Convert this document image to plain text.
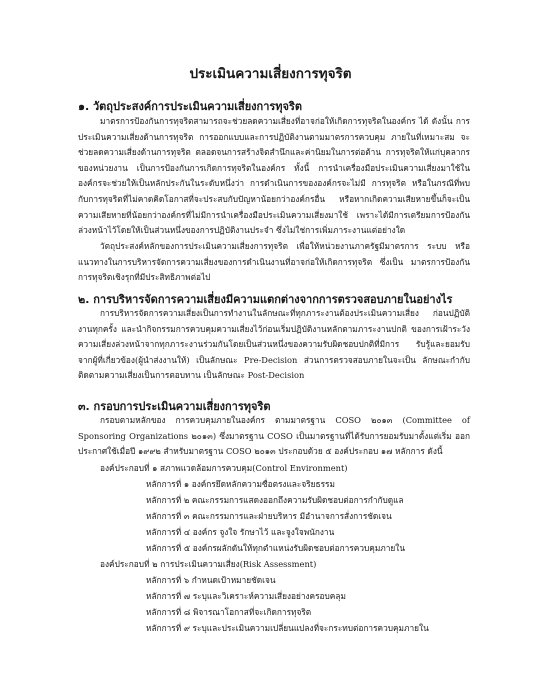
ประเมินความเสี่ยงการทุจริต
๑. วัตถุประสงค์การประเมินความเสี่ยงการทุจริต

มาตรการป้องกันการทุจริตสามารถจะช่วยลดความเสี่ยงที่อาจก่อให้เกิดการทุจริตในองค์กร ได้ ดังนั้น การประเมินความเสี่ยงด้านการทุจริต การออกแบบและการปฏิบัติงานตามมาตรการควบคุม ภายในที่เหมาะสม จะช่วยลดความเสี่ยงด้านการทุจริต ตลอดจนการสร้างจิตสำนึกและค่านิยมในการต่อต้าน การทุจริตให้แก่บุคลากร ของหน่วยงาน เป็นการป้องกันการเกิดการทุจริตในองค์กร ทั้งนี้ การนำเครื่องมือประเมินความเสี่ยงมาใช้ในองค์กรจะช่วยให้เป็นหลักประกันในระดับหนึ่งว่า การดำเนินการขององค์กรจะไม่มี การทุจริต หรือในกรณีที่พบกับการทุจริตที่ไม่คาดคิดโอกาสที่จะประสบกับปัญหาน้อยกว่าองค์กรอื่น หรือหากเกิดความเสียหายขึ้นก็จะเป็นความเสียหายที่น้อยกว่าองค์กรที่ไม่มีการนำเครื่องมือประเมินความเสี่ยงมาใช้ เพราะได้มีการเตรียมการป้องกันล่วงหน้าไว้โดยให้เป็นส่วนหนึ่งของการปฏิบัติงานประจำ ซึ่งไม่ใช่การเพิ่มภาระงานแต่อย่างใด

วัตถุประสงค์หลักของการประเมินความเสี่ยงการทุจริต เพื่อให้หน่วยงานภาครัฐมีมาตรการ ระบบ หรือแนวทางในการบริหารจัดการความเสี่ยงของการดำเนินงานที่อาจก่อให้เกิดการทุจริต ซึ่งเป็น มาตรการป้องกันการทุจริตเชิงรุกที่มีประสิทธิภาพต่อไป

๒. การบริหารจัดการความเสี่ยงมีความแตกต่างจากการตรวจสอบภายในอย่างไร

การบริหารจัดการความเสี่ยงเป็นการทำงานในลักษณะที่ทุกภาระงานต้องประเมินความเสี่ยง ก่อนปฏิบัติงานทุกครั้ง และนำกิจกรรมการควบคุมความเสี่ยงไว้ก่อนเริ่มปฏิบัติงานหลักตามภาระงานปกติ ของการเฝ้าระวังความเสี่ยงล่วงหน้าจากทุกภาระงานร่วมกันโดยเป็นส่วนหนึ่งของความรับผิดชอบปกติที่มีการ รับรู้และยอมรับจากผู้ที่เกี่ยวข้อง(ผู้นำส่งงานให้) เป็นลักษณะ Pre-Decision ส่วนการตรวจสอบภายในจะเป็น ลักษณะกำกับติดตามความเสี่ยงเป็นการตอบทาน เป็นลักษณะ Post-Decision

๓. กรอบการประเมินความเสี่ยงการทุจริต

กรอบตามหลักของ การควบคุมภายในองค์กร ตามมาตรฐาน COSO ๒๐๑๓ (Committee of Sponsoring Organizations ๒๐๑๓) ซึ่งมาตรฐาน COSO เป็นมาตรฐานที่ได้รับการยอมรับมาตั้งแต่เริ่ม ออกประกาศใช้เมื่อปี ๑๙๙๒ สำหรับมาตรฐาน COSO ๒๐๑๓ ประกอบด้วย ๕ องค์ประกอบ ๑๗ หลักการ ดังนี้

องค์ประกอบที่ ๑ สภาพแวดล้อมการควบคุม(Control Environment)
หลักการที่ ๑ องค์กรยึดหลักความซื่อตรงและจริยธรรม
หลักการที่ ๒ คณะกรรมการแสดงออกถึงความรับผิดชอบต่อการกำกับดูแล
หลักการที่ ๓ คณะกรรมการและฝ่ายบริหาร มีอำนาจการสั่งการชัดเจน
หลักการที่ ๔ องค์กร จูงใจ รักษาไว้ และจูงใจพนักงาน
หลักการที่ ๕ องค์กรผลักดันให้ทุกตำแหน่งรับผิดชอบต่อการควบคุมภายใน
องค์ประกอบที่ ๒ การประเมินความเสี่ยง(Risk Assessment)
หลักการที่ ๖ กำหนดเป้าหมายชัดเจน
หลักการที่ ๗ ระบุและวิเคราะห์ความเสี่ยงอย่างครอบคลุม
หลักการที่ ๘ พิจารณาโอกาสที่จะเกิดการทุจริต
หลักการที่ ๙ ระบุและประเมินความเปลี่ยนแปลงที่จะกระทบต่อการควบคุมภายใน
